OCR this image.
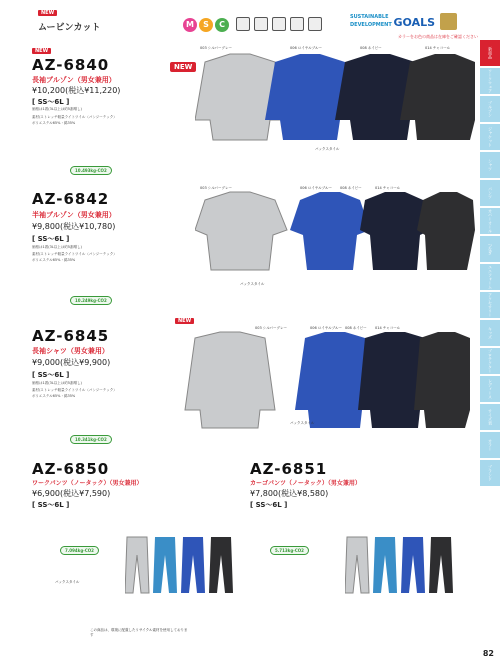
NEW
ムービンカット	M	S	C
SUSTAINABLE
DEVELOPMENT GOALS
カラーをお色の商品は在庫をご確認ください
新商品
ワークウェア
ブルゾン
ジャケット
シャツ
パンツ
カバーオール
つなぎ
ユニフォーム
アクセサリー
キッズ
プロテクター
レディース
サイズ表
カラー
ブランド
NEW
AZ-6840
長袖ブルゾン（男女兼用）
¥10,200(税込¥11,220)
[ SS〜6L ]
価格は1着(3L以上は約5割増し)
素材/ストレッチ軽量ライトツイル（バンジーテック）
ポリエステル65%・綿35%
10.493kg-CO2
NEW
003 シルバーグレー	006 ロイヤルブルー	008 ネイビー	014 チャコール
バックスタイル
AZ-6842
半袖ブルゾン（男女兼用）
¥9,800(税込¥10,780)
[ SS〜6L ]
価格は1着(3L以上は約5割増し)
素材/ストレッチ軽量ライトツイル（バンジーテック）
ポリエステル65%・綿35%
10.249kg-CO2
003 シルバーグレー	006 ロイヤルブルー 008 ネイビー	014 チャコール
バックスタイル
NEW
AZ-6845
長袖シャツ（男女兼用）
¥9,000(税込¥9,900)
[ SS〜6L ]
価格は1着(3L以上は約5割増し)
素材/ストレッチ軽量ライトツイル（バンジーテック）
ポリエステル65%・綿35%
10.341kg-CO2
003 シルバーグレー	006 ロイヤルブルー 008 ネイビー 014 チャコール
バックスタイル
AZ-6850
ワークパンツ（ノータック）（男女兼用）
¥6,900(税込¥7,590)
[ SS〜6L ]
7.094kg-CO2
バックスタイル
AZ-6851
カーゴパンツ（ノータック）（男女兼用）
¥7,800(税込¥8,580)
[ SS〜6L ]
5.713kg-CO2
この商品は、環境に配慮したリサイクル素材を使用しております
82
